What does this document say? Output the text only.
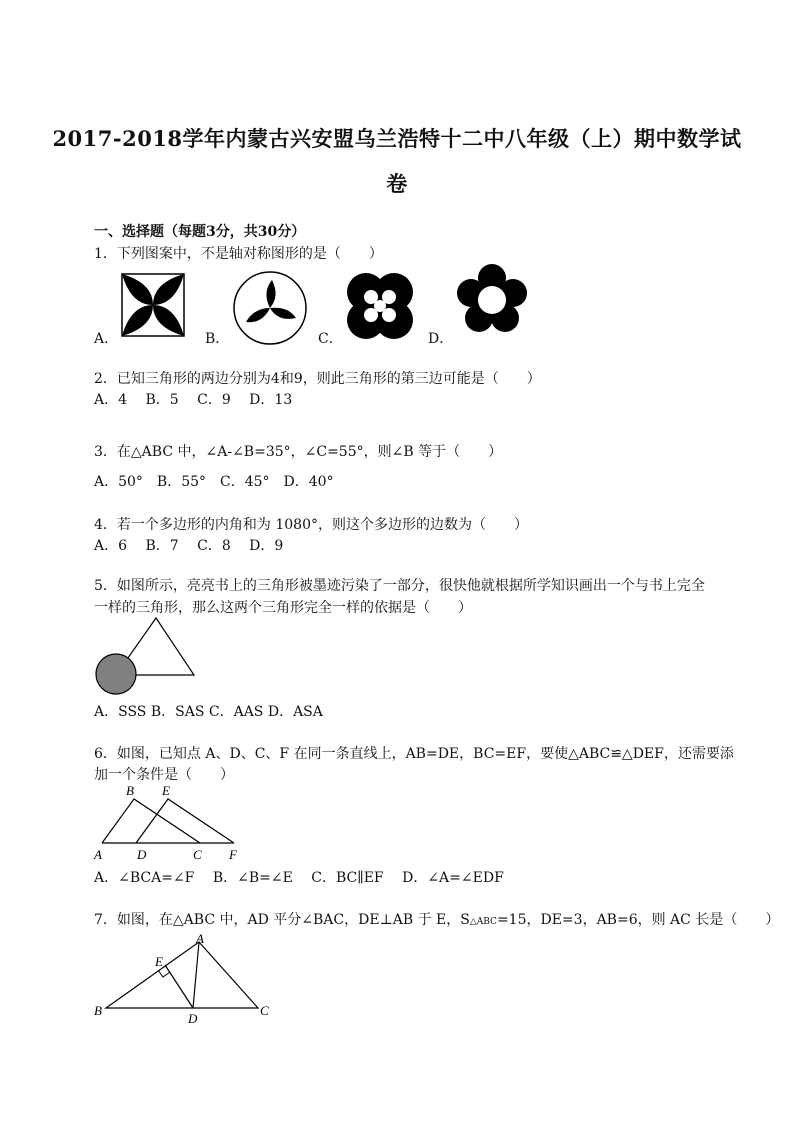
2017-2018学年内蒙古兴安盟乌兰浩特十二中八年级（上）期中数学试
卷
一、选择题（每题3分，共30分）
1．下列图案中，不是轴对称图形的是（　　）
A．	B．	C．	D．
2．已知三角形的两边分别为4和9，则此三角形的第三边可能是（　　）
A．4　 B．5　 C．9　 D．13
3．在△ABC 中，∠A-∠B=35°，∠C=55°，则∠B 等于（　　）
A．50°　B．55°　C．45°　D．40°
4．若一个多边形的内角和为 1080°，则这个多边形的边数为（　　）
A．6　 B．7　 C．8　 D．9
5．如图所示，亮亮书上的三角形被墨迹污染了一部分，很快他就根据所学知识画出一个与书上完全
一样的三角形，那么这两个三角形完全一样的依据是（　　）
A．SSS B．SAS C．AAS D．ASA
6．如图，已知点 A、D、C、F 在同一条直线上，AB=DE，BC=EF，要使△ABC≌△DEF，还需要添
加一个条件是（　　）
B E
A	D	C F
A．∠BCA=∠F　 B．∠B=∠E　 C．BC∥EF　 D．∠A=∠EDF
7．如图，在△ABC 中，AD 平分∠BAC，DE⊥AB 于 E，S△ABC=15，DE=3，AB=6，则 AC 长是（　　）
A
E
B
D
C
